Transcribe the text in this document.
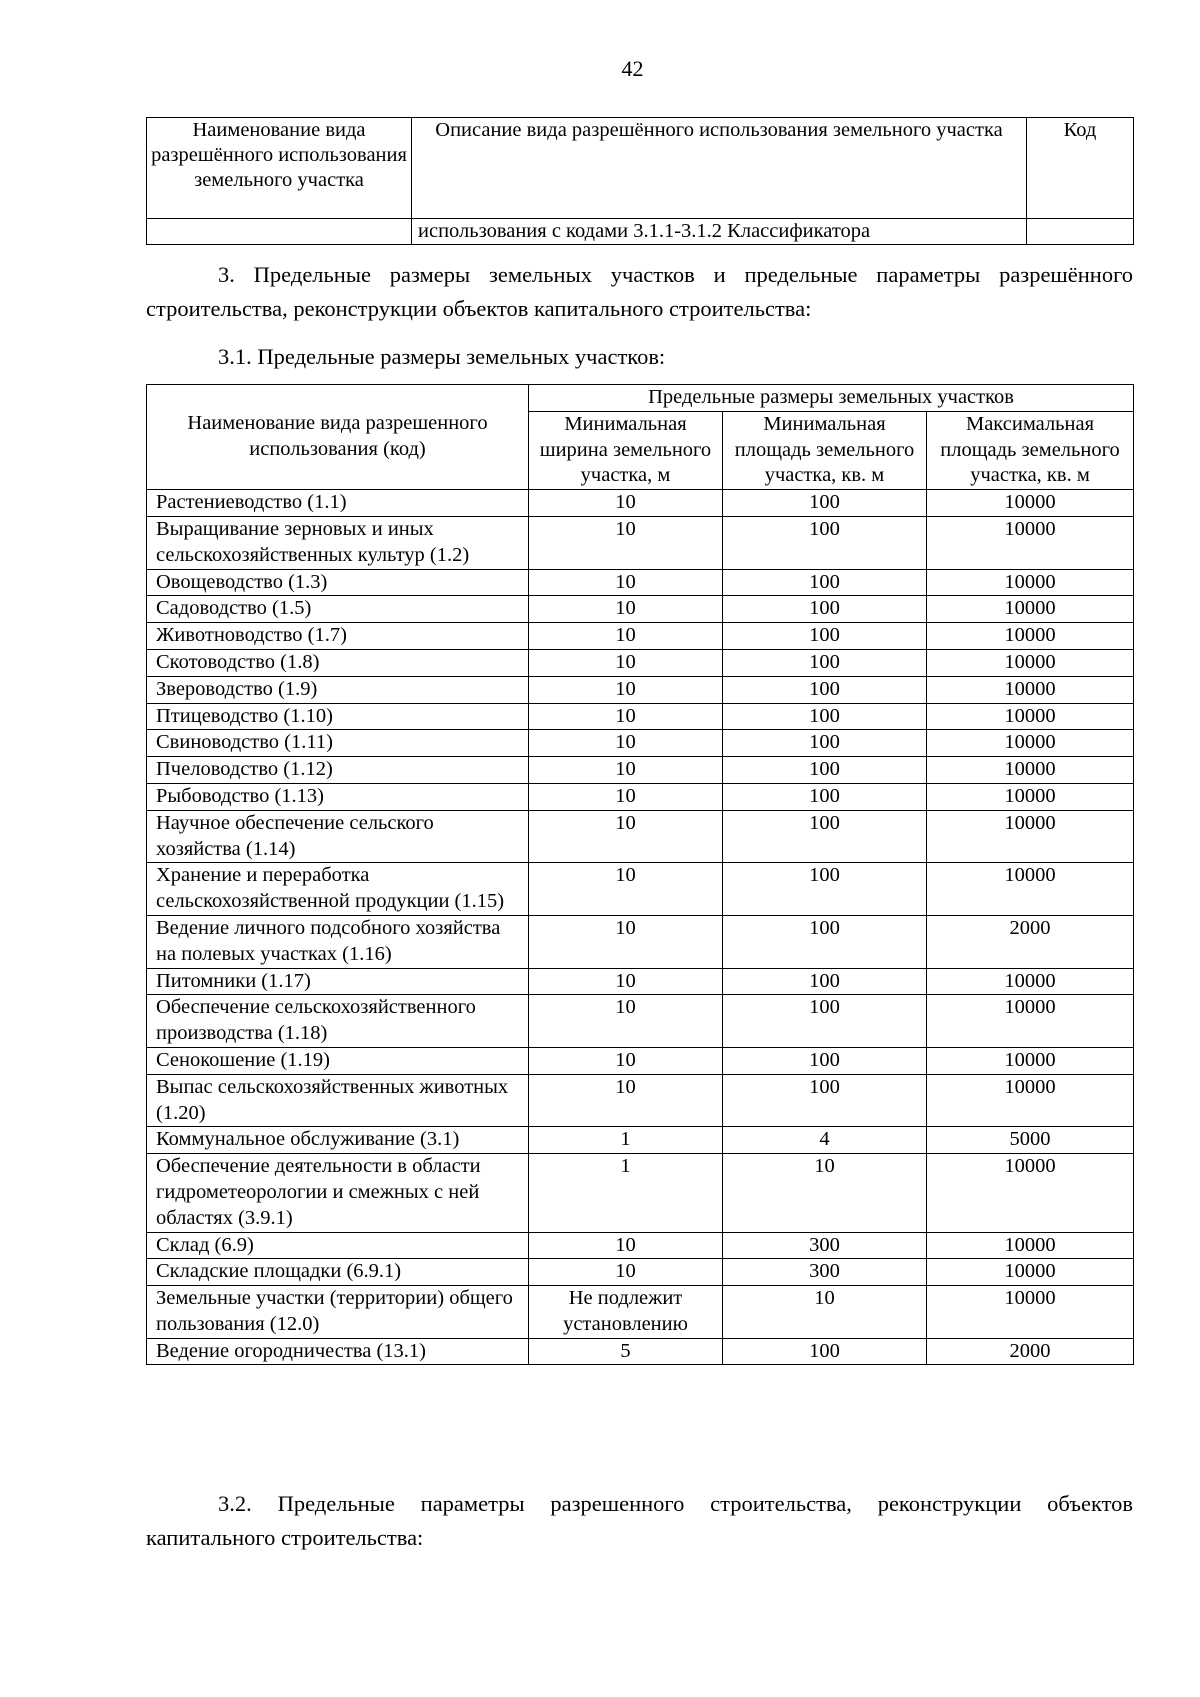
42
Наименование вида разрешённого использования земельного участка	Описание вида разрешённого использования земельного участка	Код
	использования с кодами 3.1.1-3.1.2 Классификатора	
3. Предельные размеры земельных участков и предельные параметры разрешённого строительства, реконструкции объектов капитального строительства:
3.1. Предельные размеры земельных участков:
Наименование вида разрешенного использования (код)	Предельные размеры земельных участков		
	Минимальная ширина земельного участка, м	Минимальная площадь земельного участка, кв. м	Максимальная площадь земельного участка, кв. м
Растениеводство (1.1)	10	100	10000
Выращивание зерновых и иных сельскохозяйственных культур (1.2)	10	100	10000
Овощеводство (1.3)	10	100	10000
Садоводство (1.5)	10	100	10000
Животноводство (1.7)	10	100	10000
Скотоводство (1.8)	10	100	10000
Звероводство (1.9)	10	100	10000
Птицеводство (1.10)	10	100	10000
Свиноводство (1.11)	10	100	10000
Пчеловодство (1.12)	10	100	10000
Рыбоводство (1.13)	10	100	10000
Научное обеспечение сельского хозяйства (1.14)	10	100	10000
Хранение и переработка сельскохозяйственной продукции (1.15)	10	100	10000
Ведение личного подсобного хозяйства на полевых участках (1.16)	10	100	2000
Питомники (1.17)	10	100	10000
Обеспечение сельскохозяйственного производства (1.18)	10	100	10000
Сенокошение (1.19)	10	100	10000
Выпас сельскохозяйственных животных (1.20)	10	100	10000
Коммунальное обслуживание (3.1)	1	4	5000
Обеспечение деятельности в области гидрометеорологии и смежных с ней областях (3.9.1)	1	10	10000
Склад (6.9)	10	300	10000
Складские площадки (6.9.1)	10	300	10000
Земельные участки (территории) общего пользования (12.0)	Не подлежит установлению	10	10000
Ведение огородничества (13.1)	5	100	2000
3.2. Предельные параметры разрешенного строительства, реконструкции объектов капитального строительства:
